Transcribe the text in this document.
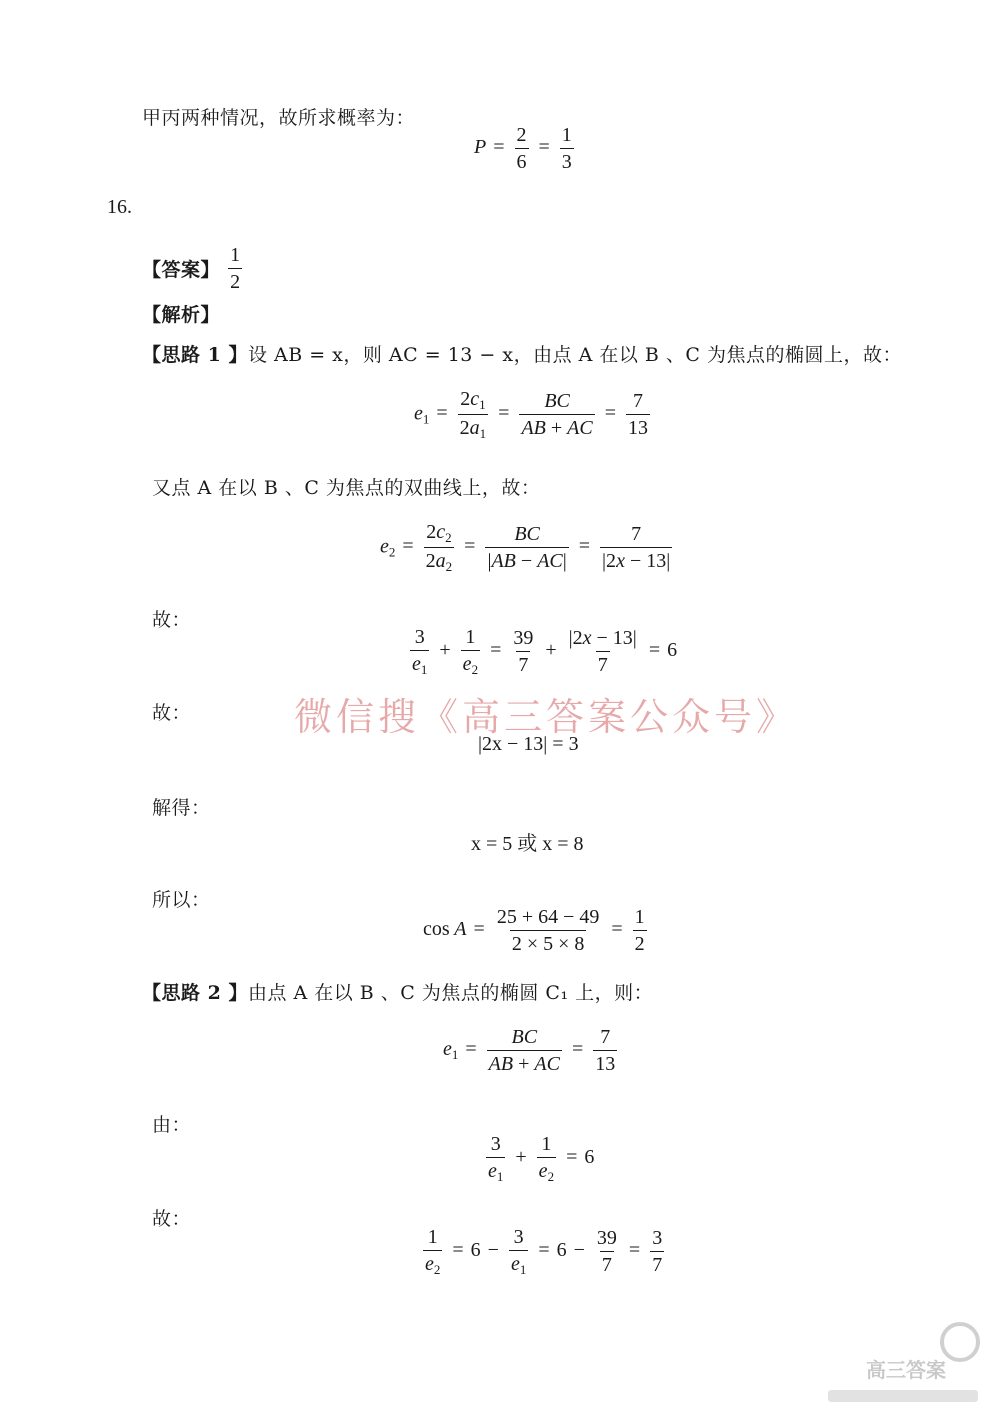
甲丙两种情况，故所求概率为：
$P = \frac{2}{6} = \frac{1}{3}$
16.
【答案】 $\frac{1}{2}$
【解析】
【思路 1 】设 AB = x，则 AC = 13 − x，由点 A 在以 B 、C 为焦点的椭圆上，故：
$e_1 = \frac{2c_1}{2a_1} = \frac{BC}{AB + AC} = \frac{7}{13}$
又点 A 在以 B 、C 为焦点的双曲线上，故：
$e_2 = \frac{2c_2}{2a_2} = \frac{BC}{|AB - AC|} = \frac{7}{|2x - 13|}$
故：
$\frac{3}{e_1} + \frac{1}{e_2} = \frac{39}{7} + \frac{|2x - 13|}{7} = 6$
故：	微信搜《高三答案公众号》
|2x − 13| = 3
解得：
x = 5 或 x = 8
所以：
$\cos A = \frac{25 + 64 - 49}{2 \times 5 \times 8} = \frac{1}{2}$
【思路 2 】由点 A 在以 B 、C 为焦点的椭圆 C₁ 上，则：
$e_1 = \frac{BC}{AB + AC} = \frac{7}{13}$
由：
$\frac{3}{e_1} + \frac{1}{e_2} = 6$
故：
$\frac{1}{e_2} = 6 - \frac{3}{e_1} = 6 - \frac{39}{7} = \frac{3}{7}$
高三答案
